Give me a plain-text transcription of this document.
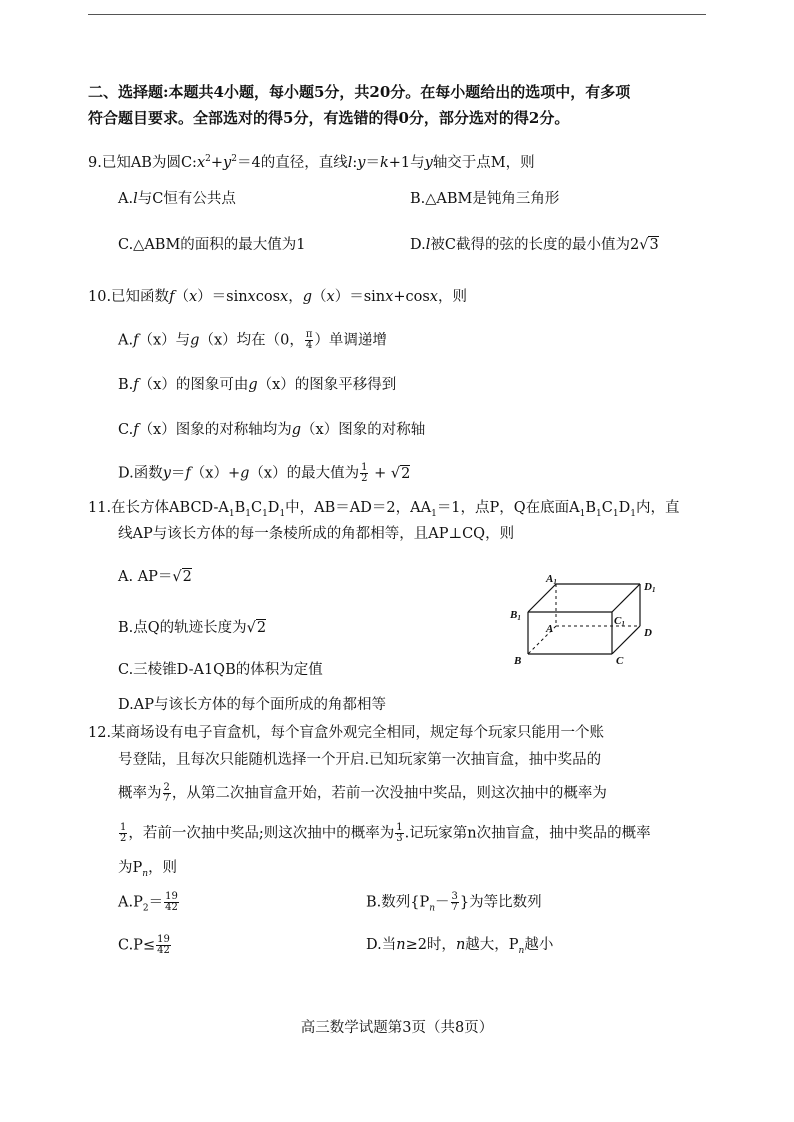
二、选择题:本题共4小题，每小题5分，共20分。在每小题给出的选项中，有多项
符合题目要求。全部选对的得5分，有选错的得0分，部分选对的得2分。
9.已知AB为圆$C:x^2+y^2=4$的直径，直线l:y＝k+1与y轴交于点M，则
A.l与C恒有公共点	B.△ABM是钝角三角形
C.△ABM的面积的最大值为1	D.l被C截得的弦的长度的最小值为2√3
10.已知函数f（x）＝sinxcosx，g（x）＝sinx+cosx，则
A.f（x）与g（x）均在（0， $\frac{\pi}{4}$ ）单调递增
B.f（x）的图象可由g（x）的图象平移得到
C.f（x）图象的对称轴均为g（x）图象的对称轴
D.函数y＝f（x）+g（x）的最大值为 $\frac{1}{2} + √2$
11.在长方体ABCD-$A_1B_1C_1D_1$中，AB＝AD＝2，$AA_1=1$，点P，Q在底面$A_1B_1C_1D_1$内，直
线AP与该长方体的每一条棱所成的角都相等，且AP⊥CQ，则
A. AP＝√2
B.点Q的轨迹长度为√2
C.三棱锥D-A1QB的体积为定值
D.AP与该长方体的每个面所成的角都相等
A1	D1
B1	C1
A	D
B	C
12.某商场设有电子盲盒机，每个盲盒外观完全相同，规定每个玩家只能用一个账
号登陆，且每次只能随机选择一个开启.已知玩家第一次抽盲盒，抽中奖品的
概率为 $\frac{2}{7}$ ，从第二次抽盲盒开始，若前一次没抽中奖品，则这次抽中的概率为
$\frac{1}{2}$ ，若前一次抽中奖品;则这次抽中的概率为 $\frac{1}{3}$ .记玩家第n次抽盲盒，抽中奖品的概率
为$P_n$，则
$A.P_2= \frac{19}{42}$	B.数列{$P_n- \frac{3}{7}$ }为等比数列
$C.P\le \frac{19}{42}$	D.当n≥2时，n越大，$P_n$越小
高三数学试题第3页（共8页）
